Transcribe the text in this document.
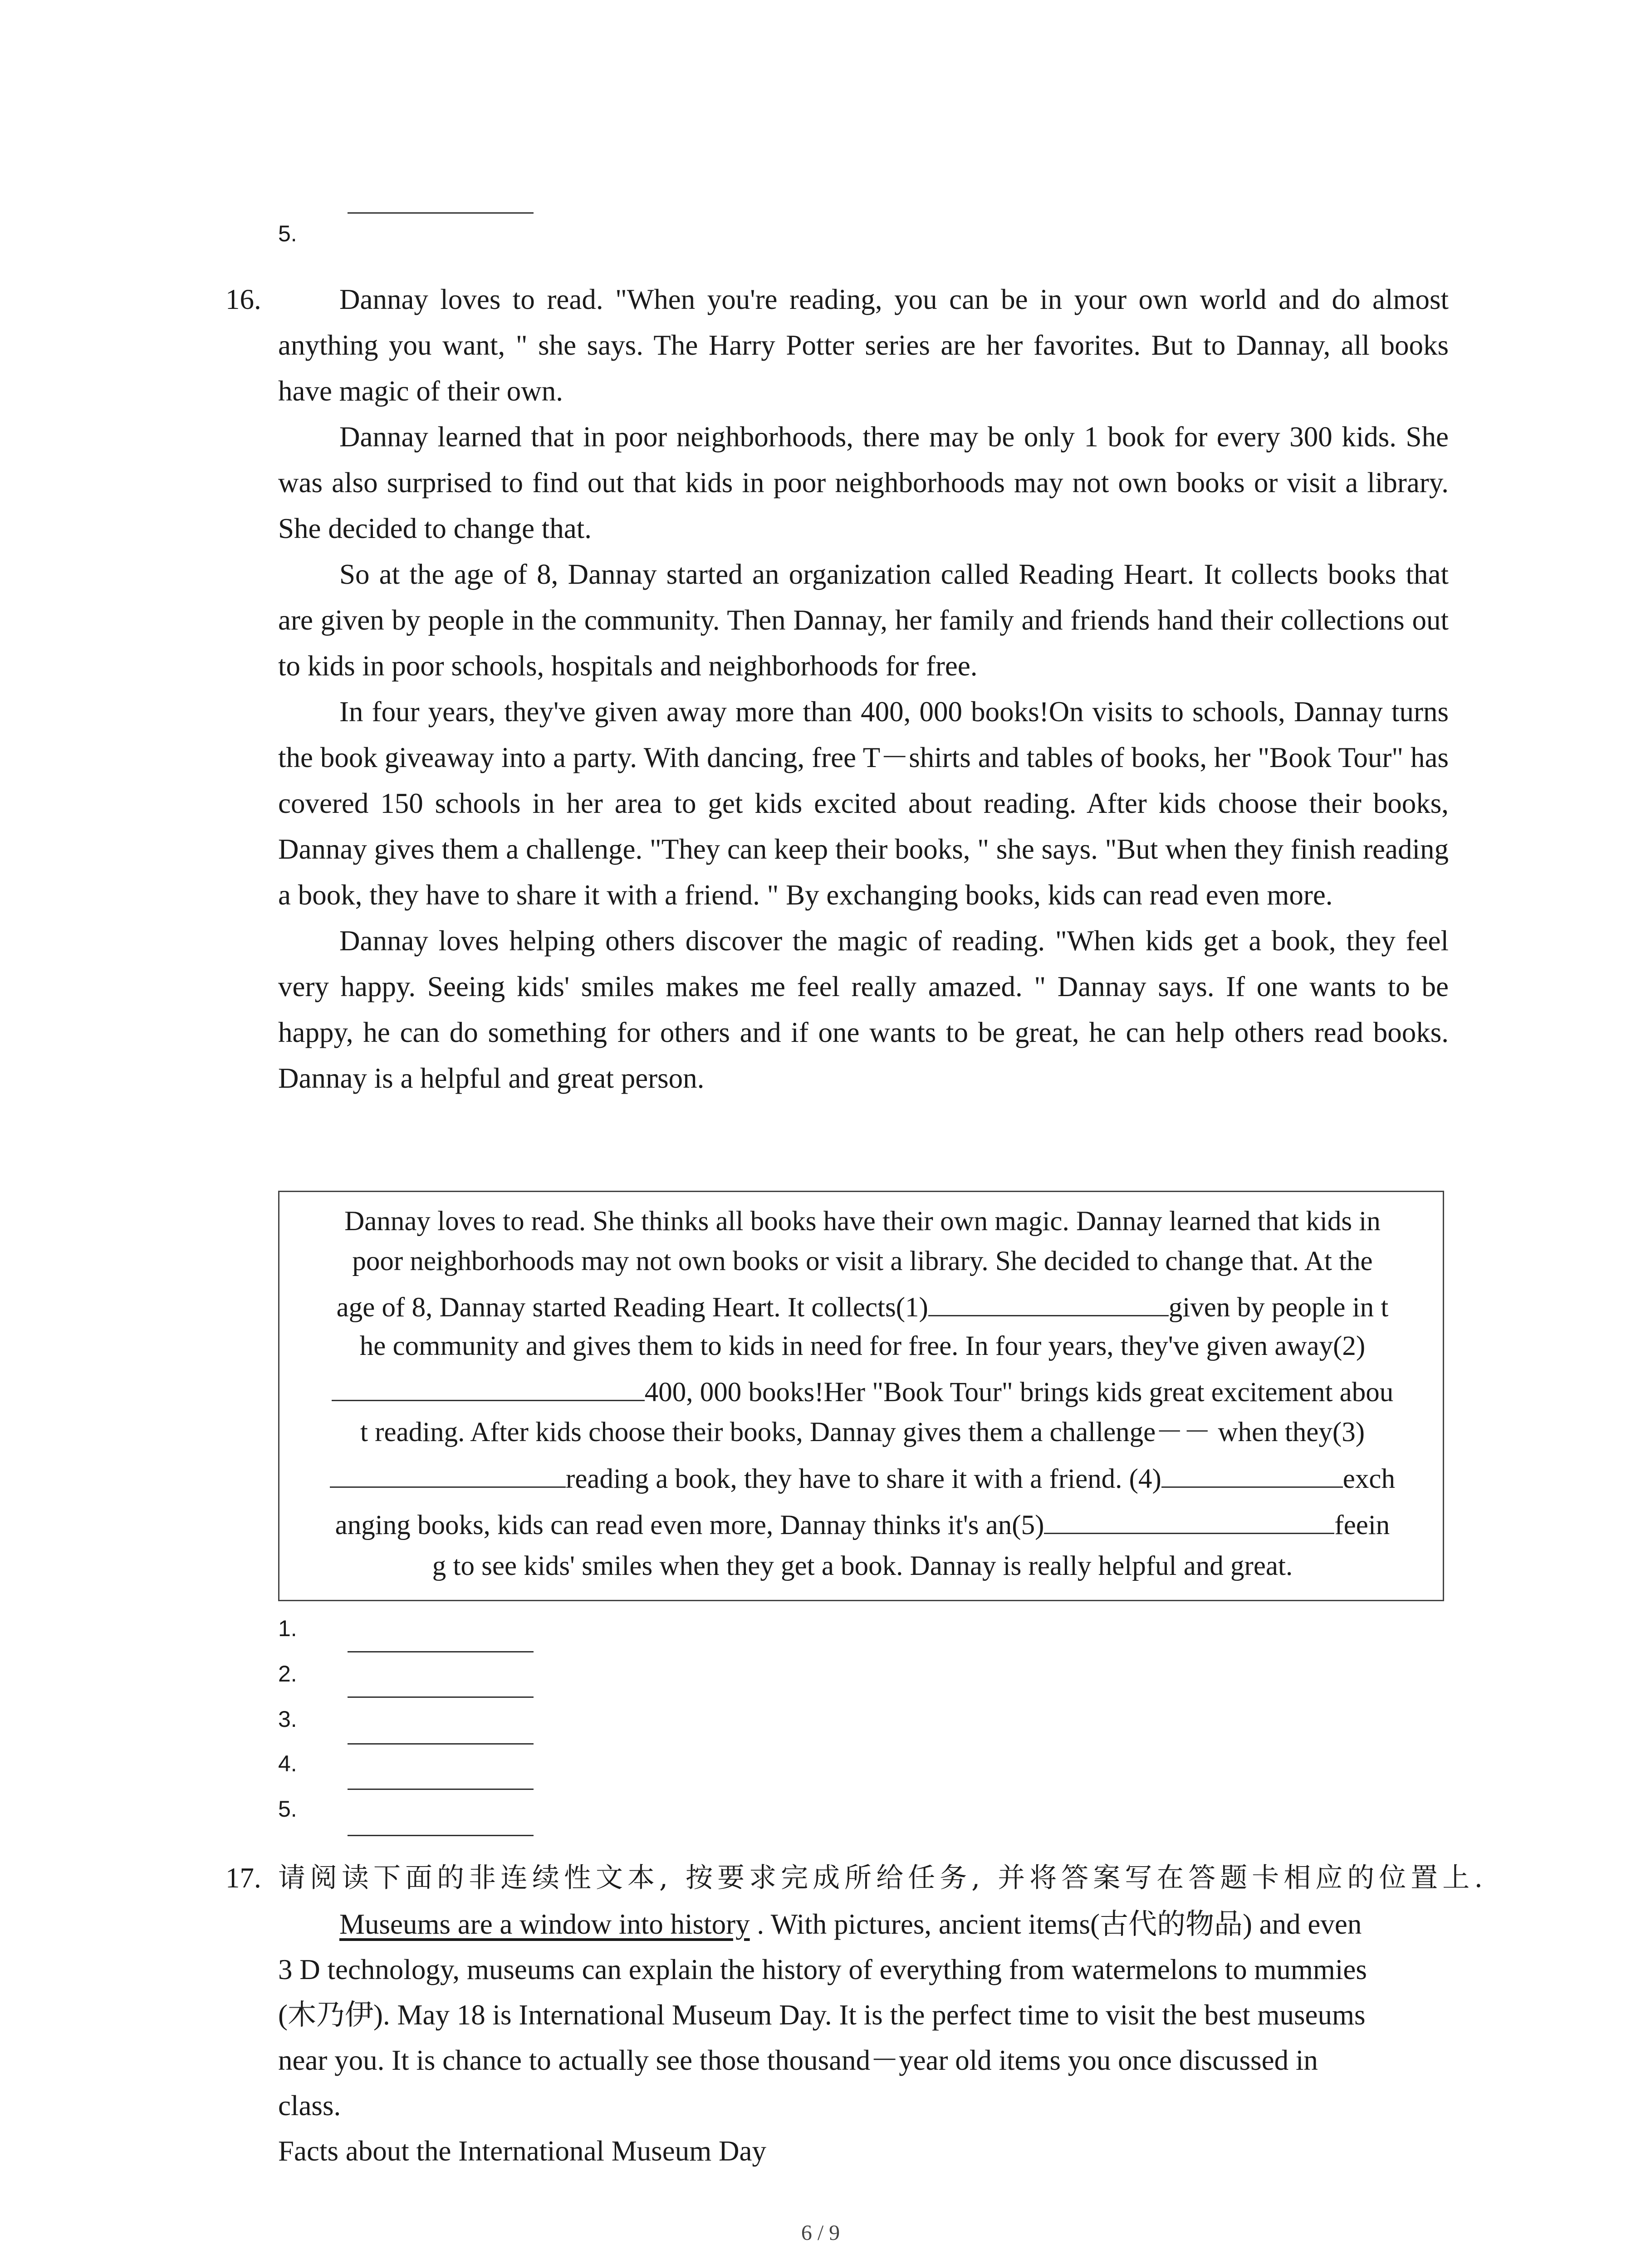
5.
16.	Dannay loves to read. "When you're reading, you can be in your own world and do almost anything you want, " she says. The Harry Potter series are her favorites. But to Dannay, all books have magic of their own.

Dannay learned that in poor neighborhoods, there may be only 1 book for every 300 kids. She was also surprised to find out that kids in poor neighborhoods may not own books or visit a library. She decided to change that.

So at the age of 8, Dannay started an organization called Reading Heart. It collects books that are given by people in the community. Then Dannay, her family and friends hand their collections out to kids in poor schools, hospitals and neighborhoods for free.

In four years, they've given away more than 400, 000 books!On visits to schools, Dannay turns the book giveaway into a party. With dancing, free T－shirts and tables of books, her "Book Tour" has covered 150 schools in her area to get kids excited about reading. After kids choose their books, Dannay gives them a challenge. "They can keep their books, " she says. "But when they finish reading a book, they have to share it with a friend. " By exchanging books, kids can read even more.

Dannay loves helping others discover the magic of reading. "When kids get a book, they feel very happy. Seeing kids' smiles makes me feel really amazed. " Dannay says. If one wants to be happy, he can do something for others and if one wants to be great, he can help others read books. Dannay is a helpful and great person.

Dannay loves to read. She thinks all books have their own magic. Dannay learned that kids in
poor neighborhoods may not own books or visit a library. She decided to change that. At the
age of 8, Dannay started Reading Heart. It collects(1)	given by people in t
he community and gives them to kids in need for free. In four years, they've given away(2)
400, 000 books!Her "Book Tour" brings kids great excitement abou
t reading. After kids choose their books, Dannay gives them a challenge－－ when they(3)
reading a book, they have to share it with a friend. (4)	exch
anging books, kids can read even more, Dannay thinks it's an(5)	feein
g to see kids' smiles when they get a book. Dannay is really helpful and great.
1.
2.
3.
4.
5.
17. 请阅读下面的非连续性文本, 按要求完成所给任务, 并将答案写在答题卡相应的位置上.
Museums are a window into history . With pictures, ancient items(古代的物品) and even
3 D technology, museums can explain the history of everything from watermelons to mummies
(木乃伊). May 18 is International Museum Day. It is the perfect time to visit the best museums
near you. It is chance to actually see those thousand－year old items you once discussed in
class.
Facts about the International Museum Day
6 / 9
